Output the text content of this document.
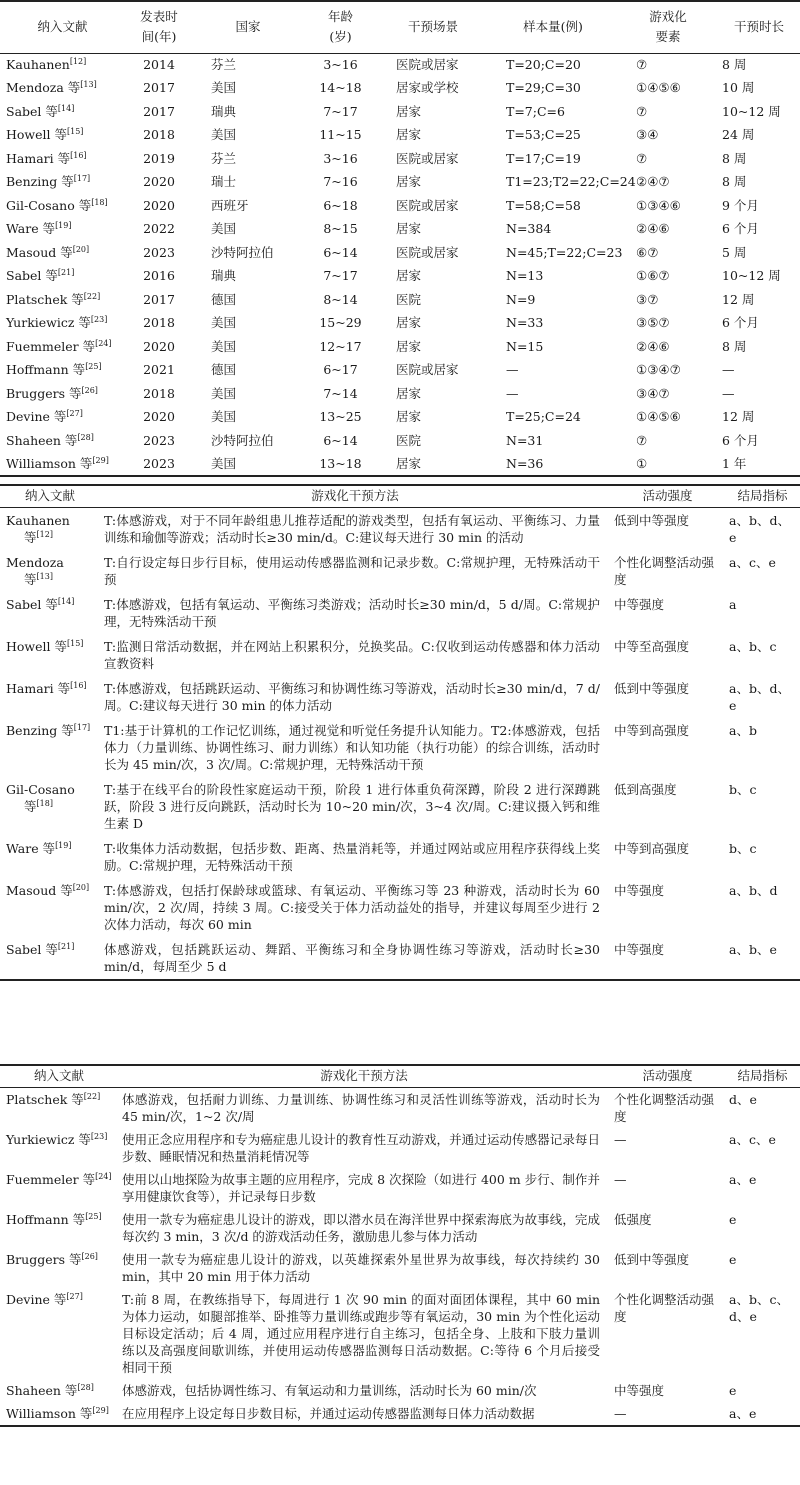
纳入文献	发表时
间(年)	国家	年龄
(岁)	干预场景	样本量(例)	游戏化
要素	干预时长
Kauhanen[12]	2014	芬兰	3~16	医院或居家	T=20;C=20	⑦	8 周
Mendoza 等[13]	2017	美国	14~18	居家或学校	T=29;C=30	①④⑤⑥	10 周
Sabel 等[14]	2017	瑞典	7~17	居家	T=7;C=6	⑦	10~12 周
Howell 等[15]	2018	美国	11~15	居家	T=53;C=25	③④	24 周
Hamari 等[16]	2019	芬兰	3~16	医院或居家	T=17;C=19	⑦	8 周
Benzing 等[17]	2020	瑞士	7~16	居家	T1=23;T2=22;C=24	②④⑦	8 周
Gil-Cosano 等[18]	2020	西班牙	6~18	医院或居家	T=58;C=58	①③④⑥	9 个月
Ware 等[19]	2022	美国	8~15	居家	N=384	②④⑥	6 个月
Masoud 等[20]	2023	沙特阿拉伯	6~14	医院或居家	N=45;T=22;C=23	⑥⑦	5 周
Sabel 等[21]	2016	瑞典	7~17	居家	N=13	①⑥⑦	10~12 周
Platschek 等[22]	2017	德国	8~14	医院	N=9	③⑦	12 周
Yurkiewicz 等[23]	2018	美国	15~29	居家	N=33	③⑤⑦	6 个月
Fuemmeler 等[24]	2020	美国	12~17	居家	N=15	②④⑥	8 周
Hoffmann 等[25]	2021	德国	6~17	医院或居家	—	①③④⑦	—
Bruggers 等[26]	2018	美国	7~14	居家	—	③④⑦	—
Devine 等[27]	2020	美国	13~25	居家	T=25;C=24	①④⑤⑥	12 周
Shaheen 等[28]	2023	沙特阿拉伯	6~14	医院	N=31	⑦	6 个月
Williamson 等[29]	2023	美国	13~18	居家	N=36	①	1 年
纳入文献	游戏化干预方法	活动强度	结局指标
Kauhanen
等[12]	T:体感游戏，对于不同年龄组患儿推荐适配的游戏类型，包括有氧运动、平衡练习、力量训练和瑜伽等游戏；活动时长≥30 min/d。C:建议每天进行 30 min 的活动	低到中等强度	a、b、d、e
Mendoza
等[13]	T:自行设定每日步行目标，使用运动传感器监测和记录步数。C:常规护理，无特殊活动干预	个性化调整活动强度	a、c、e
Sabel 等[14]	T:体感游戏，包括有氧运动、平衡练习类游戏；活动时长≥30 min/d，5 d/周。C:常规护理，无特殊活动干预	中等强度	a
Howell 等[15]	T:监测日常活动数据，并在网站上积累积分，兑换奖品。C:仅收到运动传感器和体力活动宣教资料	中等至高强度	a、b、c
Hamari 等[16]	T:体感游戏，包括跳跃运动、平衡练习和协调性练习等游戏，活动时长≥30 min/d，7 d/周。C:建议每天进行 30 min 的体力活动	低到中等强度	a、b、d、e
Benzing 等[17]	T1:基于计算机的工作记忆训练，通过视觉和听觉任务提升认知能力。T2:体感游戏，包括体力（力量训练、协调性练习、耐力训练）和认知功能（执行功能）的综合训练，活动时长为 45 min/次，3 次/周。C:常规护理，无特殊活动干预	中等到高强度	a、b
Gil-Cosano
等[18]	T:基于在线平台的阶段性家庭运动干预，阶段 1 进行体重负荷深蹲，阶段 2 进行深蹲跳跃，阶段 3 进行反向跳跃，活动时长为 10~20 min/次，3~4 次/周。C:建议摄入钙和维生素 D	低到高强度	b、c
Ware 等[19]	T:收集体力活动数据，包括步数、距离、热量消耗等，并通过网站或应用程序获得线上奖励。C:常规护理，无特殊活动干预	中等到高强度	b、c
Masoud 等[20]	T:体感游戏，包括打保龄球或篮球、有氧运动、平衡练习等 23 种游戏，活动时长为 60 min/次，2 次/周，持续 3 周。C:接受关于体力活动益处的指导，并建议每周至少进行 2 次体力活动，每次 60 min	中等强度	a、b、d
Sabel 等[21]	体感游戏，包括跳跃运动、舞蹈、平衡练习和全身协调性练习等游戏，活动时长≥30 min/d，每周至少 5 d	中等强度	a、b、e
纳入文献	游戏化干预方法	活动强度	结局指标
Platschek 等[22]	体感游戏，包括耐力训练、力量训练、协调性练习和灵活性训练等游戏，活动时长为 45 min/次，1~2 次/周	个性化调整活动强度	d、e
Yurkiewicz 等[23]	使用正念应用程序和专为癌症患儿设计的教育性互动游戏，并通过运动传感器记录每日步数、睡眠情况和热量消耗情况等	—	a、c、e
Fuemmeler 等[24]	使用以山地探险为故事主题的应用程序，完成 8 次探险（如进行 400 m 步行、制作并享用健康饮食等），并记录每日步数	—	a、e
Hoffmann 等[25]	使用一款专为癌症患儿设计的游戏，即以潜水员在海洋世界中探索海底为故事线，完成每次约 3 min，3 次/d 的游戏活动任务，激励患儿参与体力活动	低强度	e
Bruggers 等[26]	使用一款专为癌症患儿设计的游戏，以英雄探索外星世界为故事线，每次持续约 30 min，其中 20 min 用于体力活动	低到中等强度	e
Devine 等[27]	T:前 8 周，在教练指导下，每周进行 1 次 90 min 的面对面团体课程，其中 60 min 为体力运动，如腿部推举、卧推等力量训练或跑步等有氧运动，30 min 为个性化运动目标设定活动；后 4 周，通过应用程序进行自主练习，包括全身、上肢和下肢力量训练以及高强度间歇训练，并使用运动传感器监测每日活动数据。C:等待 6 个月后接受相同干预	个性化调整活动强度	a、b、c、d、e
Shaheen 等[28]	体感游戏，包括协调性练习、有氧运动和力量训练，活动时长为 60 min/次	中等强度	e
Williamson 等[29]	在应用程序上设定每日步数目标，并通过运动传感器监测每日体力活动数据	—	a、e
